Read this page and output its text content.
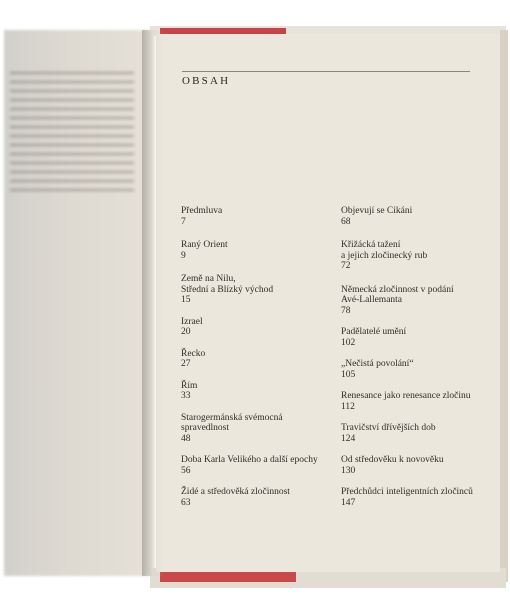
OBSAH
Předmluva
7
Raný Orient
9
Země na Nilu,
Střední a Blízký východ
15
Izrael
20
Řecko
27
Řím
33
Starogermánská svémocná
spravedlnost
48
Doba Karla Velikého a další epochy
56
Židé a středověká zločinnost
63
Objevují se Cikáni
68
Křižácká tažení
a jejich zločinecký rub
72
Německá zločinnost v podání
Avé-Lallemanta
78
Padělatelé umění
102
„Nečistá povolání“
105
Renesance jako renesance zločinu
112
Travičství dřívějších dob
124
Od středověku k novověku
130
Předchůdci inteligentních zločinců
147
